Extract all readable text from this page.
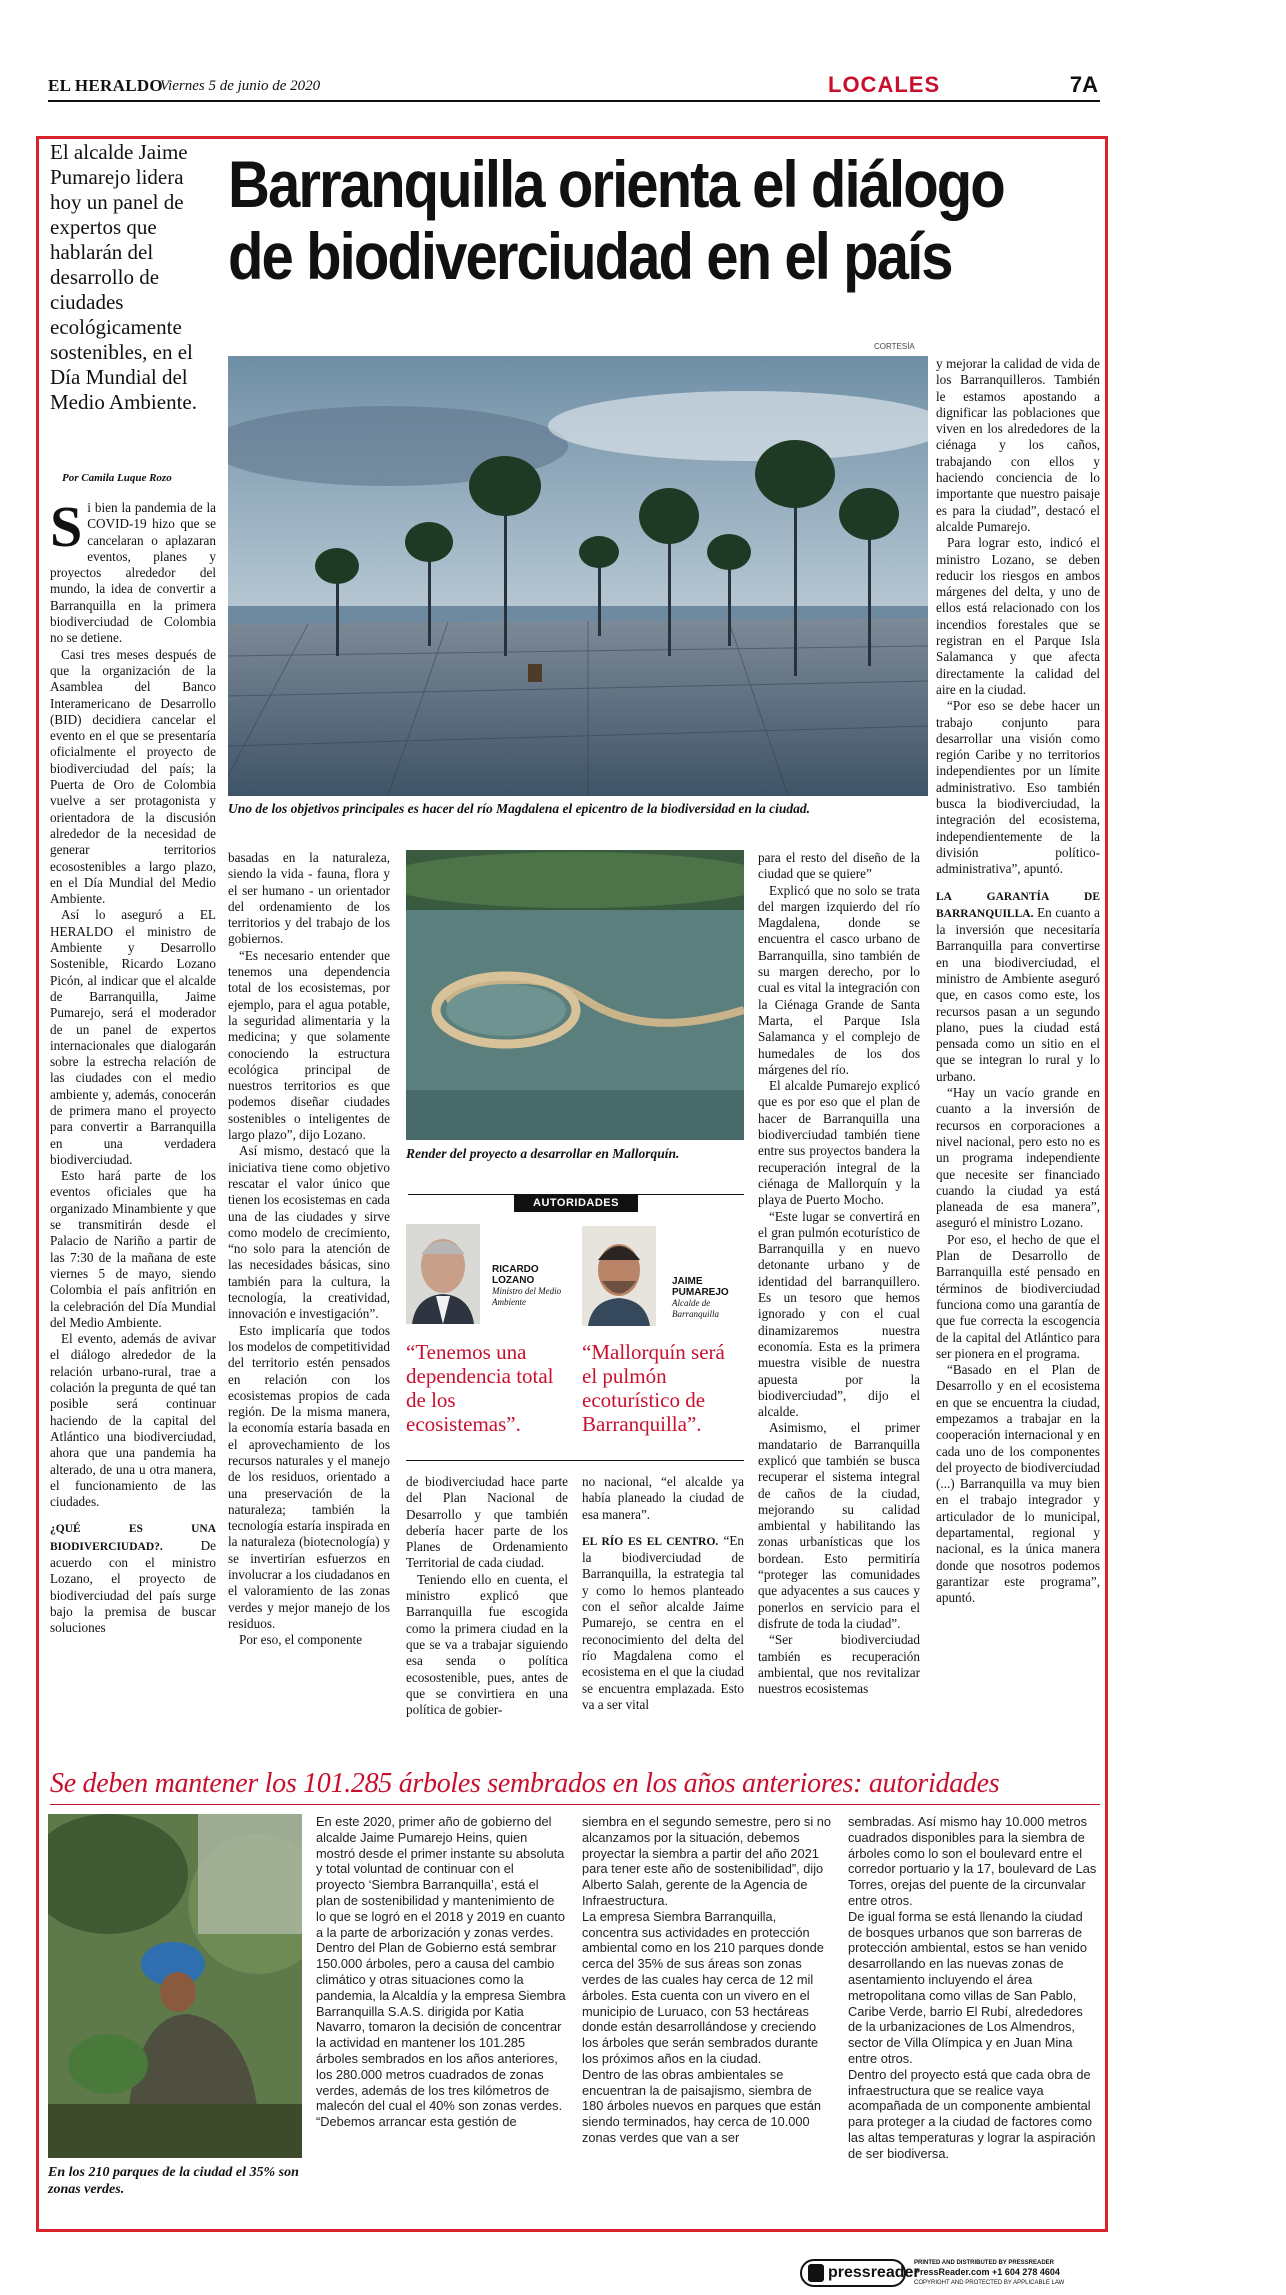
EL HERALDO
Viernes 5 de junio de 2020	LOCALES	7A
El alcalde Jaime Pumarejo lidera hoy un panel de expertos que hablarán del desarrollo de ciudades ecológicamente sostenibles, en el Día Mundial del Medio Ambiente.
Barranquilla orienta el diálogo
de biodiverciudad en el país
Por Camila Luque Rozo
CORTESÍA
Uno de los objetivos principales es hacer del río Magdalena el epicentro de la biodiversidad en la ciudad.
S i bien la pandemia de la COVID-19 hizo que se cancelaran o aplazaran eventos, planes y proyectos alrededor del mundo, la idea de convertir a Barranquilla en la primera biodiverciudad de Colombia no se detiene.

Casi tres meses después de que la organización de la Asamblea del Banco Interamericano de Desarrollo (BID) decidiera cancelar el evento en el que se presentaría oficialmente el proyecto de biodiverciudad del país; la Puerta de Oro de Colombia vuelve a ser protagonista y orientadora de la discusión alrededor de la necesidad de generar territorios ecosostenibles a largo plazo, en el Día Mundial del Medio Ambiente.

Así lo aseguró a EL HERALDO el ministro de Ambiente y Desarrollo Sostenible, Ricardo Lozano Picón, al indicar que el alcalde de Barranquilla, Jaime Pumarejo, será el moderador de un panel de expertos internacionales que dialogarán sobre la estrecha relación de las ciudades con el medio ambiente y, además, conocerán de primera mano el proyecto para convertir a Barranquilla en una verdadera biodiverciudad.

Esto hará parte de los eventos oficiales que ha organizado Minambiente y que se transmitirán desde el Palacio de Nariño a partir de las 7:30 de la mañana de este viernes 5 de mayo, siendo Colombia el país anfitrión en la celebración del Día Mundial del Medio Ambiente.

El evento, además de avivar el diálogo alrededor de la relación urbano-rural, trae a colación la pregunta de qué tan posible será continuar haciendo de la capital del Atlántico una biodiverciudad, ahora que una pandemia ha alterado, de una u otra manera, el funcionamiento de las ciudades.

¿QUÉ ES UNA BIODIVERCIUDAD?. De acuerdo con el ministro Lozano, el proyecto de biodiverciudad del país surge bajo la premisa de buscar soluciones

basadas en la naturaleza, siendo la vida - fauna, flora y el ser humano - un orientador del ordenamiento de los territorios y del trabajo de los gobiernos.

“Es necesario entender que tenemos una dependencia total de los ecosistemas, por ejemplo, para el agua potable, la seguridad alimentaria y la medicina; y que solamente conociendo la estructura ecológica principal de nuestros territorios es que podemos diseñar ciudades sostenibles o inteligentes de largo plazo”, dijo Lozano.

Así mismo, destacó que la iniciativa tiene como objetivo rescatar el valor único que tienen los ecosistemas en cada una de las ciudades y sirve como modelo de crecimiento, “no solo para la atención de las necesidades básicas, sino también para la cultura, la tecnología, la creatividad, innovación e investigación”.

Esto implicaría que todos los modelos de competitividad del territorio estén pensados en relación con los ecosistemas propios de cada región. De la misma manera, la economía estaría basada en el aprovechamiento de los recursos naturales y el manejo de los residuos, orientado a una preservación de la naturaleza; también la tecnología estaría inspirada en la naturaleza (biotecnología) y se invertirían esfuerzos en involucrar a los ciudadanos en el valoramiento de las zonas verdes y mejor manejo de los residuos.

Por eso, el componente

Render del proyecto a desarrollar en Mallorquín.
AUTORIDADES
RICARDO LOZANO
Ministro del Medio Ambiente
“Tenemos una dependencia total de los ecosistemas”.
JAIME PUMAREJO
Alcalde de Barranquilla
“Mallorquín será el pulmón ecoturístico de Barranquilla”.

de biodiverciudad hace parte del Plan Nacional de Desarrollo y que también debería hacer parte de los Planes de Ordenamiento Territorial de cada ciudad.

Teniendo ello en cuenta, el ministro explicó que Barranquilla fue escogida como la primera ciudad en la que se va a trabajar siguiendo esa senda o política ecosostenible, pues, antes de que se convirtiera en una política de gobier-

no nacional, “el alcalde ya había planeado la ciudad de esa manera”.

EL RÍO ES EL CENTRO. “En la biodiverciudad de Barranquilla, la estrategia tal y como lo hemos planteado con el señor alcalde Jaime Pumarejo, se centra en el reconocimiento del delta del río Magdalena como el ecosistema en el que la ciudad se encuentra emplazada. Esto va a ser vital

para el resto del diseño de la ciudad que se quiere”

Explicó que no solo se trata del margen izquierdo del río Magdalena, donde se encuentra el casco urbano de Barranquilla, sino también de su margen derecho, por lo cual es vital la integración con la Ciénaga Grande de Santa Marta, el Parque Isla Salamanca y el complejo de humedales de los dos márgenes del río.

El alcalde Pumarejo explicó que es por eso que el plan de hacer de Barranquilla una biodiverciudad también tiene entre sus proyectos bandera la recuperación integral de la ciénaga de Mallorquín y la playa de Puerto Mocho.

“Este lugar se convertirá en el gran pulmón ecoturístico de Barranquilla y en nuevo detonante urbano y de identidad del barranquillero. Es un tesoro que hemos ignorado y con el cual dinamizaremos nuestra economía. Esta es la primera muestra visible de nuestra apuesta por la biodiverciudad”, dijo el alcalde.

Asimismo, el primer mandatario de Barranquilla explicó que también se busca recuperar el sistema integral de caños de la ciudad, mejorando su calidad ambiental y habilitando las zonas urbanísticas que los bordean. Esto permitiría “proteger las comunidades que adyacentes a sus cauces y ponerlos en servicio para el disfrute de toda la ciudad”.

“Ser biodiverciudad también es recuperación ambiental, que nos revitalizar nuestros ecosistemas

y mejorar la calidad de vida de los Barranquilleros. También le estamos apostando a dignificar las poblaciones que viven en los alrededores de la ciénaga y los caños, trabajando con ellos y haciendo conciencia de lo importante que nuestro paisaje es para la ciudad”, destacó el alcalde Pumarejo.

Para lograr esto, indicó el ministro Lozano, se deben reducir los riesgos en ambos márgenes del delta, y uno de ellos está relacionado con los incendios forestales que se registran en el Parque Isla Salamanca y que afecta directamente la calidad del aire en la ciudad.

“Por eso se debe hacer un trabajo conjunto para desarrollar una visión como región Caribe y no territorios independientes por un límite administrativo. Eso también busca la biodiverciudad, la integración del ecosistema, independientemente de la división político-administrativa”, apuntó.

LA GARANTÍA DE BARRANQUILLA. En cuanto a la inversión que necesitaría Barranquilla para convertirse en una biodiverciudad, el ministro de Ambiente aseguró que, en casos como este, los recursos pasan a un segundo plano, pues la ciudad está pensada como un sitio en el que se integran lo rural y lo urbano.

“Hay un vacío grande en cuanto a la inversión de recursos en corporaciones a nivel nacional, pero esto no es un programa independiente que necesite ser financiado cuando la ciudad ya está planeada de esa manera”, aseguró el ministro Lozano.

Por eso, el hecho de que el Plan de Desarrollo de Barranquilla esté pensado en términos de biodiverciudad funciona como una garantía de que fue correcta la escogencia de la capital del Atlántico para ser pionera en el programa.

“Basado en el Plan de Desarrollo y en el ecosistema en que se encuentra la ciudad, empezamos a trabajar en la cooperación internacional y en cada uno de los componentes del proyecto de biodiverciudad (...) Barranquilla va muy bien en el trabajo integrador y articulador de lo municipal, departamental, regional y nacional, es la única manera donde que nosotros podemos garantizar este programa”, apuntó.

Se deben mantener los 101.285 árboles sembrados en los años anteriores: autoridades
En los 210 parques de la ciudad el 35% son zonas verdes.
En este 2020, primer año de gobierno del alcalde Jaime Pumarejo Heins, quien mostró desde el primer instante su absoluta y total voluntad de continuar con el proyecto ‘Siembra Barranquilla’, está el plan de sostenibilidad y mantenimiento de lo que se logró en el 2018 y 2019 en cuanto a la parte de arborización y zonas verdes.
Dentro del Plan de Gobierno está sembrar 150.000 árboles, pero a causa del cambio climático y otras situaciones como la pandemia, la Alcaldía y la empresa Siembra Barranquilla S.A.S. dirigida por Katia Navarro, tomaron la decisión de concentrar la actividad en mantener los 101.285 árboles sembrados en los años anteriores, los 280.000 metros cuadrados de zonas verdes, además de los tres kilómetros de malecón del cual el 40% son zonas verdes.
“Debemos arrancar esta gestión de
siembra en el segundo semestre, pero si no alcanzamos por la situación, debemos proyectar la siembra a partir del año 2021 para tener este año de sostenibilidad”, dijo Alberto Salah, gerente de la Agencia de Infraestructura.
La empresa Siembra Barranquilla, concentra sus actividades en protección ambiental como en los 210 parques donde cerca del 35% de sus áreas son zonas verdes de las cuales hay cerca de 12 mil árboles. Esta cuenta con un vivero en el municipio de Luruaco, con 53 hectáreas donde están desarrollándose y creciendo los árboles que serán sembrados durante los próximos años en la ciudad.
Dentro de las obras ambientales se encuentran la de paisajismo, siembra de 180 árboles nuevos en parques que están siendo terminados, hay cerca de 10.000 zonas verdes que van a ser
sembradas. Así mismo hay 10.000 metros cuadrados disponibles para la siembra de árboles como lo son el boulevard entre el corredor portuario y la 17, boulevard de Las Torres, orejas del puente de la circunvalar entre otros.
De igual forma se está llenando la ciudad de bosques urbanos que son barreras de protección ambiental, estos se han venido desarrollando en las nuevas zonas de asentamiento incluyendo el área metropolitana como villas de San Pablo, Caribe Verde, barrio El Rubí, alrededores de la urbanizaciones de Los Almendros, sector de Villa Olímpica y en Juan Mina entre otros.
Dentro del proyecto está que cada obra de infraestructura que se realice vaya acompañada de un componente ambiental para proteger a la ciudad de factores como las altas temperaturas y lograr la aspiración de ser biodiversa.
pressreader
PRINTED AND DISTRIBUTED BY PRESSREADER
PressReader.com +1 604 278 4604
COPYRIGHT AND PROTECTED BY APPLICABLE LAW
